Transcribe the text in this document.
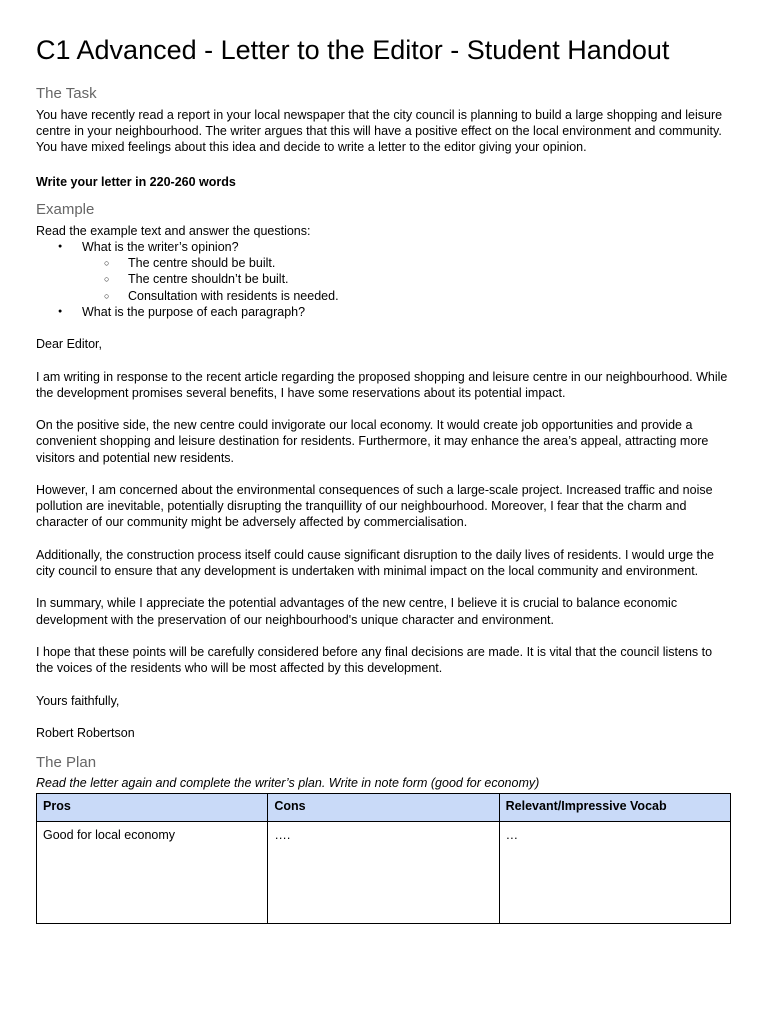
C1 Advanced - Letter to the Editor - Student Handout
The Task

You have recently read a report in your local newspaper that the city council is planning to build a large shopping and leisure centre in your neighbourhood. The writer argues that this will have a positive effect on the local environment and community. You have mixed feelings about this idea and decide to write a letter to the editor giving your opinion.

Write your letter in 220-260 words

Example

Read the example text and answer the questions:

● What is the writer’s opinion?
○ The centre should be built.
○ The centre shouldn’t be built.
○ Consultation with residents is needed.
● What is the purpose of each paragraph?

Dear Editor,

I am writing in response to the recent article regarding the proposed shopping and leisure centre in our neighbourhood. While the development promises several benefits, I have some reservations about its potential impact.

On the positive side, the new centre could invigorate our local economy. It would create job opportunities and provide a convenient shopping and leisure destination for residents. Furthermore, it may enhance the area’s appeal, attracting more visitors and potential new residents.

However, I am concerned about the environmental consequences of such a large-scale project. Increased traffic and noise pollution are inevitable, potentially disrupting the tranquillity of our neighbourhood. Moreover, I fear that the charm and character of our community might be adversely affected by commercialisation.

Additionally, the construction process itself could cause significant disruption to the daily lives of residents. I would urge the city council to ensure that any development is undertaken with minimal impact on the local community and environment.

In summary, while I appreciate the potential advantages of the new centre, I believe it is crucial to balance economic development with the preservation of our neighbourhood's unique character and environment.

I hope that these points will be carefully considered before any final decisions are made. It is vital that the council listens to the voices of the residents who will be most affected by this development.

Yours faithfully,

Robert Robertson

The Plan

Read the letter again and complete the writer’s plan. Write in note form (good for economy)

Pros	Cons	Relevant/Impressive Vocab
Good for local economy	….	…
